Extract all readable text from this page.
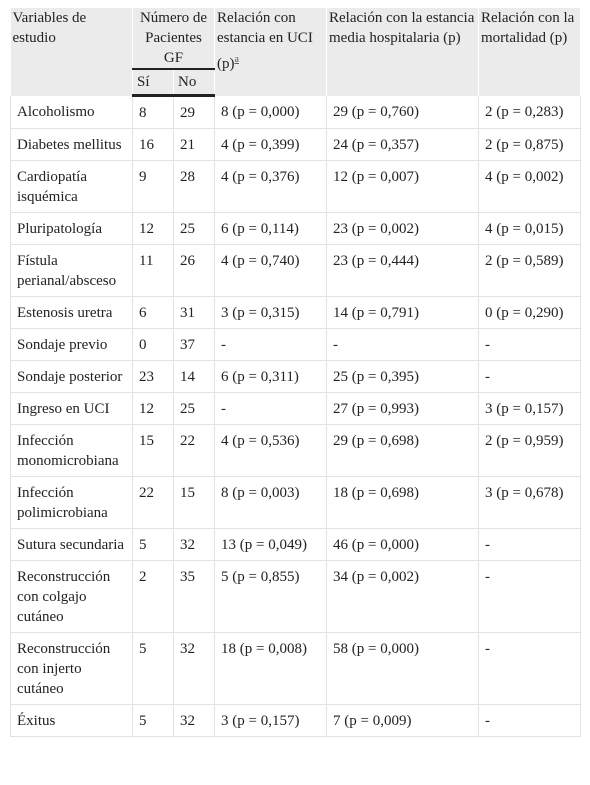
Variables de estudio	Número de Pacientes GF		Relación con estancia en UCI (p)$^a$	Relación con la estancia media hospitalaria (p)	Relación con la mortalidad (p)
	Sí	No			
Alcoholismo	8	29	8 (p = 0,000)	29 (p = 0,760)	2 (p = 0,283)
Diabetes mellitus	16	21	4 (p = 0,399)	24 (p = 0,357)	2 (p = 0,875)
Cardiopatía isquémica	9	28	4 (p = 0,376)	12 (p = 0,007)	4 (p = 0,002)
Pluripatología	12	25	6 (p = 0,114)	23 (p = 0,002)	4 (p = 0,015)
Fístula perianal/absceso	11	26	4 (p = 0,740)	23 (p = 0,444)	2 (p = 0,589)
Estenosis uretra	6	31	3 (p = 0,315)	14 (p = 0,791)	0 (p = 0,290)
Sondaje previo	0	37	-	-	-
Sondaje posterior	23	14	6 (p = 0,311)	25 (p = 0,395)	-
Ingreso en UCI	12	25	-	27 (p = 0,993)	3 (p = 0,157)
Infección monomicrobiana	15	22	4 (p = 0,536)	29 (p = 0,698)	2 (p = 0,959)
Infección polimicrobiana	22	15	8 (p = 0,003)	18 (p = 0,698)	3 (p = 0,678)
Sutura secundaria	5	32	13 (p = 0,049)	46 (p = 0,000)	-
Reconstrucción con colgajo cutáneo	2	35	5 (p = 0,855)	34 (p = 0,002)	-
Reconstrucción con injerto cutáneo	5	32	18 (p = 0,008)	58 (p = 0,000)	-
Éxitus	5	32	3 (p = 0,157)	7 (p = 0,009)	-
